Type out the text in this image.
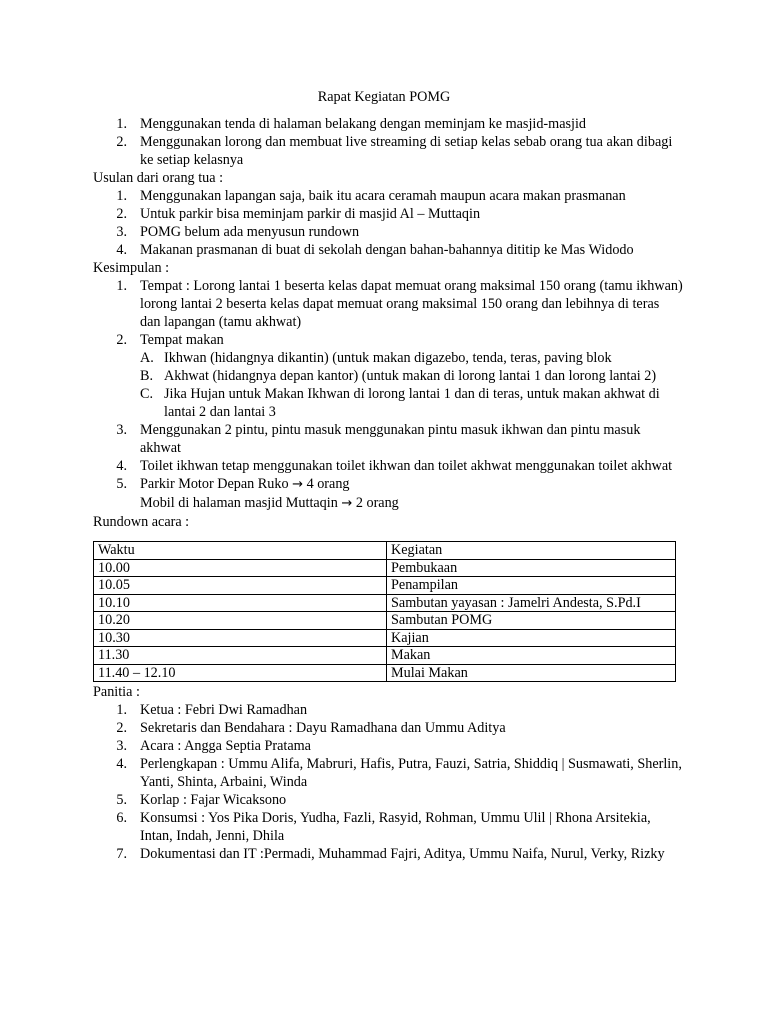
Rapat Kegiatan POMG
1. Menggunakan tenda di halaman belakang dengan meminjam ke masjid-masjid
2. Menggunakan lorong dan membuat live streaming di setiap kelas sebab orang tua akan dibagi ke setiap kelasnya
Usulan dari orang tua :
1. Menggunakan lapangan saja, baik itu acara ceramah maupun acara makan prasmanan
2. Untuk parkir bisa meminjam parkir di masjid Al – Muttaqin
3. POMG belum ada menyusun rundown
4. Makanan prasmanan di buat di sekolah dengan bahan-bahannya dititip ke Mas Widodo
Kesimpulan :
1. Tempat : Lorong lantai 1 beserta kelas dapat memuat orang maksimal 150 orang (tamu ikhwan) lorong lantai 2 beserta kelas dapat memuat orang maksimal 150 orang dan lebihnya di teras dan lapangan (tamu akhwat)
2. Tempat makan
A. Ikhwan (hidangnya dikantin) (untuk makan digazebo, tenda, teras, paving blok
B. Akhwat (hidangnya depan kantor) (untuk makan di lorong lantai 1 dan lorong lantai 2)
C. Jika Hujan untuk Makan Ikhwan di lorong lantai 1 dan di teras, untuk makan akhwat di lantai 2 dan lantai 3
3. Menggunakan 2 pintu, pintu masuk menggunakan pintu masuk ikhwan dan pintu masuk akhwat
4. Toilet ikhwan tetap menggunakan toilet ikhwan dan toilet akhwat menggunakan toilet akhwat
5. Parkir Motor Depan Ruko → 4 orang
Mobil di halaman masjid Muttaqin → 2 orang
Rundown acara :
Waktu	Kegiatan
10.00	Pembukaan
10.05	Penampilan
10.10	Sambutan yayasan : Jamelri Andesta, S.Pd.I
10.20	Sambutan POMG
10.30	Kajian
11.30	Makan
11.40 – 12.10	Mulai Makan
Panitia :
1. Ketua : Febri Dwi Ramadhan
2. Sekretaris dan Bendahara : Dayu Ramadhana dan Ummu Aditya
3. Acara : Angga Septia Pratama
4. Perlengkapan : Ummu Alifa, Mabruri, Hafis, Putra, Fauzi, Satria, Shiddiq | Susmawati, Sherlin, Yanti, Shinta, Arbaini, Winda
5. Korlap : Fajar Wicaksono
6. Konsumsi : Yos Pika Doris, Yudha, Fazli, Rasyid, Rohman, Ummu Ulil | Rhona Arsitekia, Intan, Indah, Jenni, Dhila
7. Dokumentasi dan IT :Permadi, Muhammad Fajri, Aditya, Ummu Naifa, Nurul, Verky, Rizky
